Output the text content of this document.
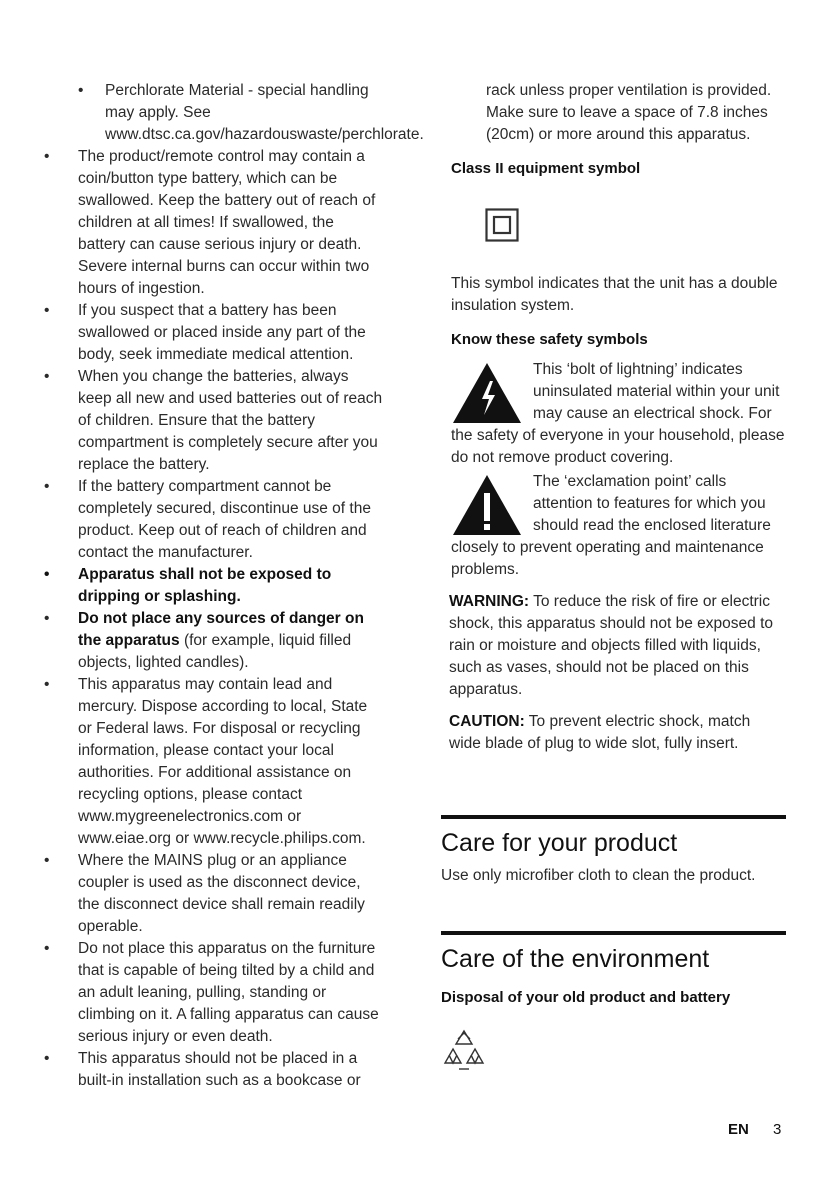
• Perchlorate Material - special handling may apply. See www.dtsc.ca.gov/hazardouswaste/perchlorate.
• The product/remote control may contain a coin/button type battery, which can be swallowed. Keep the battery out of reach of children at all times! If swallowed, the battery can cause serious injury or death. Severe internal burns can occur within two hours of ingestion.
• If you suspect that a battery has been swallowed or placed inside any part of the body, seek immediate medical attention.
• When you change the batteries, always keep all new and used batteries out of reach of children. Ensure that the battery compartment is completely secure after you replace the battery.
• If the battery compartment cannot be completely secured, discontinue use of the product. Keep out of reach of children and contact the manufacturer.
• Apparatus shall not be exposed to dripping or splashing.
• Do not place any sources of danger on the apparatus (for example, liquid filled objects, lighted candles).
• This apparatus may contain lead and mercury. Dispose according to local, State or Federal laws. For disposal or recycling information, please contact your local authorities. For additional assistance on recycling options, please contact www.mygreenelectronics.com or www.eiae.org or www.recycle.philips.com.
• Where the MAINS plug or an appliance coupler is used as the disconnect device, the disconnect device shall remain readily operable.
• Do not place this apparatus on the furniture that is capable of being tilted by a child and an adult leaning, pulling, standing or climbing on it. A falling apparatus can cause serious injury or even death.
• This apparatus should not be placed in a built-in installation such as a bookcase or

rack unless proper ventilation is provided. Make sure to leave a space of 7.8 inches (20cm) or more around this apparatus.

Class II equipment symbol

This symbol indicates that the unit has a double insulation system.

Know these safety symbols

This ‘bolt of lightning’ indicates uninsulated material within your unit may cause an electrical shock. For the safety of everyone in your household, please do not remove product covering.

The ‘exclamation point’ calls attention to features for which you should read the enclosed literature closely to prevent operating and maintenance problems.

WARNING: To reduce the risk of fire or electric shock, this apparatus should not be exposed to rain or moisture and objects filled with liquids, such as vases, should not be placed on this apparatus.

CAUTION: To prevent electric shock, match wide blade of plug to wide slot, fully insert.

Care for your product

Use only microfiber cloth to clean the product.

Care of the environment
Disposal of your old product and battery
EN 3
